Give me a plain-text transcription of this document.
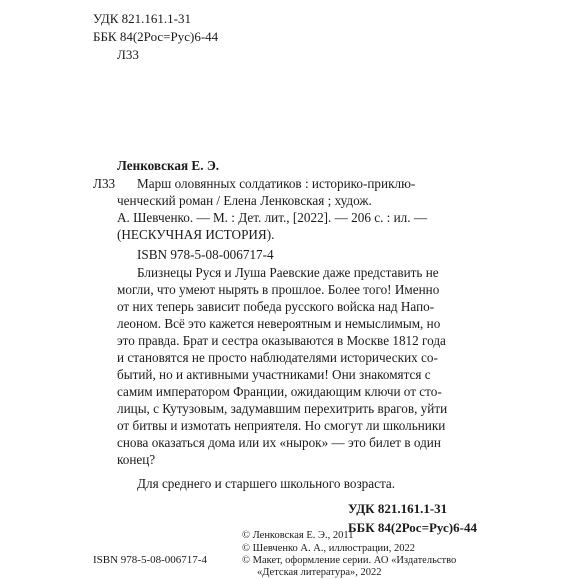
УДК 821.161.1-31
ББК 84(2Рос=Рус)6-44
Л33
Ленковская Е. Э.
Л33 Марш оловянных солдатиков : историко-приклю-
ченческий роман / Елена Ленковская ; худож.
А. Шевченко. — М. : Дет. лит., [2022]. — 206 с. : ил. —
(НЕСКУЧНАЯ ИСТОРИЯ).
ISBN 978-5-08-006717-4
Близнецы Руся и Луша Раевские даже представить не
могли, что умеют нырять в прошлое. Более того! Именно
от них теперь зависит победа русского войска над Напо-
леоном. Всё это кажется невероятным и немыслимым, но
это правда. Брат и сестра оказываются в Москве 1812 года
и становятся не просто наблюдателями исторических со-
бытий, но и активными участниками! Они знакомятся с
самим императором Франции, ожидающим ключи от сто-
лицы, с Кутузовым, задумавшим перехитрить врагов, уйти
от битвы и измотать неприятеля. Но смогут ли школьники
снова оказаться дома или их «нырок» — это билет в один
конец?
Для среднего и старшего школьного возраста.
УДК 821.161.1-31
ББК 84(2Рос=Рус)6-44
© Ленковская Е. Э., 2011
© Шевченко А. А., иллюстрации, 2022
© Макет, оформление серии. АО «Издательство
«Детская литература», 2022
ISBN 978-5-08-006717-4
